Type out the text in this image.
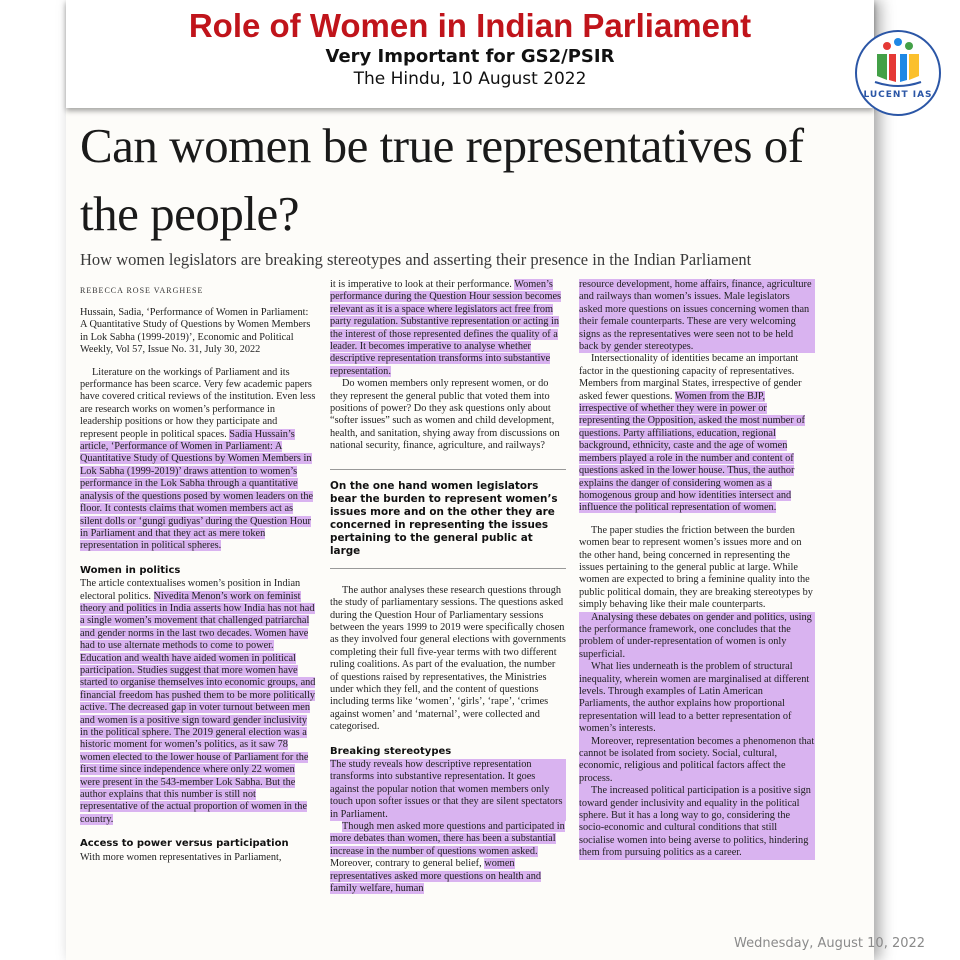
Can women be true representatives of the people?

How women legislators are breaking stereotypes and asserting their presence in the Indian Parliament

REBECCA ROSE VARGHESE

Hussain, Sadia, ‘Performance of Women in Parliament: A Quantitative Study of Questions by Women Members in Lok Sabha (1999-2019)’, Economic and Political Weekly, Vol 57, Issue No. 31, July 30, 2022

Literature on the workings of Parliament and its performance has been scarce. Very few academic papers have covered critical reviews of the institution. Even less are research works on women’s performance in leadership positions or how they participate and represent people in political spaces. Sadia Hussain’s article, ‘Performance of Women in Parliament: A Quantitative Study of Questions by Women Members in Lok Sabha (1999-2019)’ draws attention to women’s performance in the Lok Sabha through a quantitative analysis of the questions posed by women leaders on the floor. It contests claims that women members act as silent dolls or ‘gungi gudiyas’ during the Question Hour in Parliament and that they act as mere token representation in political spheres.

Women in politics

The article contextualises women’s position in Indian electoral politics. Nivedita Menon’s work on feminist theory and politics in India asserts how India has not had a single women’s movement that challenged patriarchal and gender norms in the last two decades. Women have had to use alternate methods to come to power. Education and wealth have aided women in political participation. Studies suggest that more women have started to organise themselves into economic groups, and financial freedom has pushed them to be more politically active. The decreased gap in voter turnout between men and women is a positive sign toward gender inclusivity in the political sphere. The 2019 general election was a historic moment for women’s politics, as it saw 78 women elected to the lower house of Parliament for the first time since independence where only 22 women were present in the 543-member Lok Sabha. But the author explains that this number is still not representative of the actual proportion of women in the country.

Access to power versus participation

With more women representatives in Parliament,

it is imperative to look at their performance. Women’s performance during the Question Hour session becomes relevant as it is a space where legislators act free from party regulation. Substantive representation or acting in the interest of those represented defines the quality of a leader. It becomes imperative to analyse whether descriptive representation transforms into substantive representation.

Do women members only represent women, or do they represent the general public that voted them into positions of power? Do they ask questions only about “softer issues” such as women and child development, health, and sanitation, shying away from discussions on national security, finance, agriculture, and railways?

On the one hand women legislators bear the burden to represent women’s issues more and on the other they are concerned in representing the issues pertaining to the general public at large

The author analyses these research questions through the study of parliamentary sessions. The questions asked during the Question Hour of Parliamentary sessions between the years 1999 to 2019 were specifically chosen as they involved four general elections with governments completing their full five-year terms with two different ruling coalitions. As part of the evaluation, the number of questions raised by representatives, the Ministries under which they fell, and the content of questions including terms like ‘women’, ‘girls’, ‘rape’, ‘crimes against women’ and ‘maternal’, were collected and categorised.

Breaking stereotypes

The study reveals how descriptive representation transforms into substantive representation. It goes against the popular notion that women members only touch upon softer issues or that they are silent spectators in Parliament.

Though men asked more questions and participated in more debates than women, there has been a substantial increase in the number of questions women asked. Moreover, contrary to general belief, women representatives asked more questions on health and family welfare, human

resource development, home affairs, finance, agriculture and railways than women’s issues. Male legislators asked more questions on issues concerning women than their female counterparts. These are very welcoming signs as the representatives were seen not to be held back by gender stereotypes.

Intersectionality of identities became an important factor in the questioning capacity of representatives. Members from marginal States, irrespective of gender asked fewer questions. Women from the BJP, irrespective of whether they were in power or representing the Opposition, asked the most number of questions. Party affiliations, education, regional background, ethnicity, caste and the age of women members played a role in the number and content of questions asked in the lower house. Thus, the author explains the danger of considering women as a homogenous group and how identities intersect and influence the political representation of women.

The paper studies the friction between the burden women bear to represent women’s issues more and on the other hand, being concerned in representing the issues pertaining to the general public at large. While women are expected to bring a feminine quality into the public political domain, they are breaking stereotypes by simply behaving like their male counterparts.

Analysing these debates on gender and politics, using the performance framework, one concludes that the problem of under-representation of women is only superficial.

What lies underneath is the problem of structural inequality, wherein women are marginalised at different levels. Through examples of Latin American Parliaments, the author explains how proportional representation will lead to a better representation of women’s interests.

Moreover, representation becomes a phenomenon that cannot be isolated from society. Social, cultural, economic, religious and political factors affect the process.

The increased political participation is a positive sign toward gender inclusivity and equality in the political sphere. But it has a long way to go, considering the socio-economic and cultural conditions that still socialise women into being averse to politics, hindering them from pursuing politics as a career.

Role of Women in Indian Parliament
Very Important for GS2/PSIR
The Hindu, 10 August 2022
LUCENT IAS
Wednesday, August 10, 2022
